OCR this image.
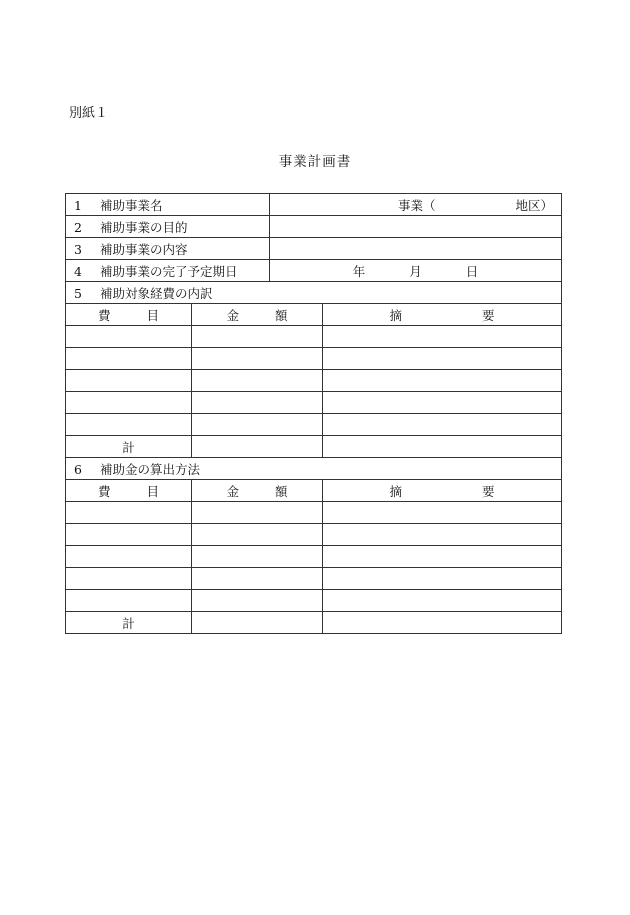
別紙１
事業計画書
1 補助事業名		事業（ 地区）	
2 補助事業の目的			
3 補助事業の内容			
4 補助事業の完了予定期日		年 月 日	
5 補助対象経費の内訳			
費 目	金 額		摘 要

計			
6 補助金の算出方法			
費 目	金 額		摘 要

計			
